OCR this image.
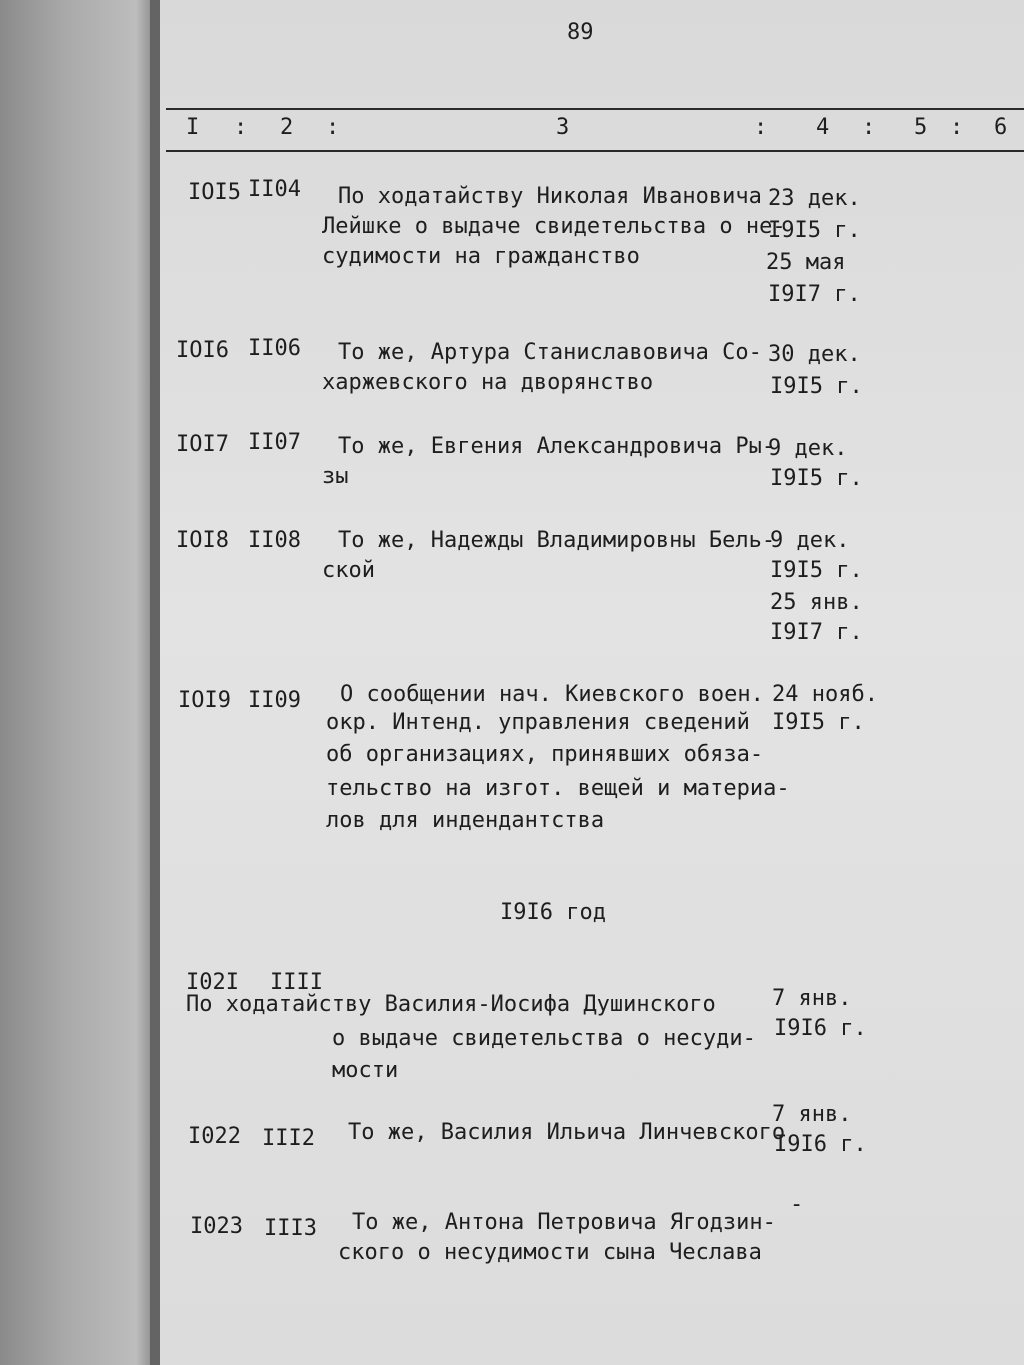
89
I : 2 :	3	: 4 : 5 : 6
IOI5 II04 По ходатайству Николая Ивановича
Лейшке о выдаче свидетельства о не-
судимости на гражданство
23 дек.
I9I5 г.
25 мая
I9I7 г.
IOI6 II06 То же, Артура Станиславовича Со-
харжевского на дворянство
30 дек.
I9I5 г.
IOI7 II07 То же, Евгения Александровича Ры-
зы
9 дек.
I9I5 г.
IOI8 II08 То же, Надежды Владимировны Бель-
ской
9 дек.
I9I5 г.
25 янв.
I9I7 г.
IOI9 II09 О сообщении нач. Киевского воен.
окр. Интенд. управления сведений
об организациях, принявших обяза-
тельство на изгот. вещей и материа-
лов для индендантства
24 нояб.
I9I5 г.
I9I6 год
I02I IIII
По ходатайству Василия-Иосифа Душинского
о выдаче свидетельства о несуди-
мости
7 янв.
I9I6 г.
I022 III2 То же, Василия Ильича Линчевского
7 янв.
I9I6 г.
I023 III3 То же, Антона Петровича Ягодзин-
ского о несудимости сына Чеслава
-
